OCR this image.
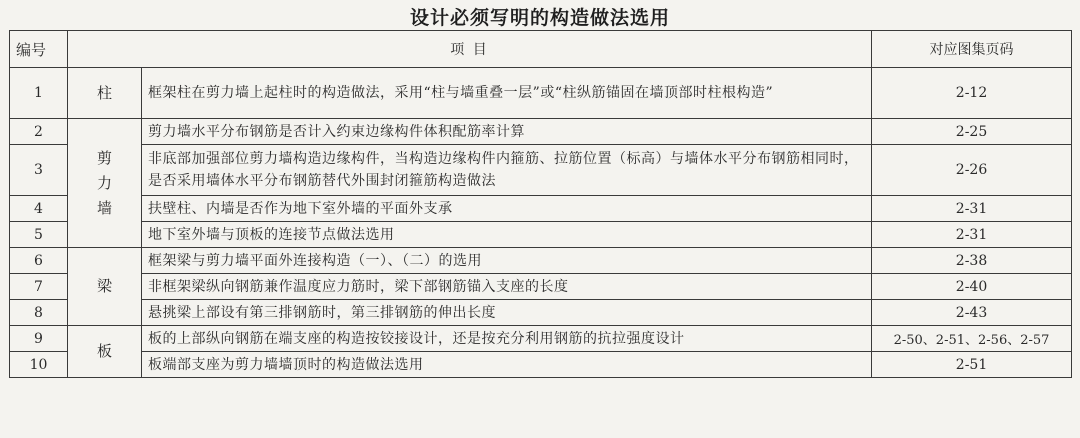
设计必须写明的构造做法选用
编号	项 目		对应图集页码
1	柱	框架柱在剪力墙上起柱时的构造做法，采用“柱与墙重叠一层”或“柱纵筋锚固在墙顶部时柱根构造”	2-12
2	剪力墙	剪力墙水平分布钢筋是否计入约束边缘构件体积配筋率计算	2-25
3		非底部加强部位剪力墙构造边缘构件，当构造边缘构件内箍筋、拉筋位置（标高）与墙体水平分布钢筋相同时，是否采用墙体水平分布钢筋替代外围封闭箍筋构造做法	2-26
4		扶壁柱、内墙是否作为地下室外墙的平面外支承	2-31
5		地下室外墙与顶板的连接节点做法选用	2-31
6	梁	框架梁与剪力墙平面外连接构造（一）、（二）的选用	2-38
7		非框架梁纵向钢筋兼作温度应力筋时，梁下部钢筋锚入支座的长度	2-40
8		悬挑梁上部设有第三排钢筋时，第三排钢筋的伸出长度	2-43
9	板	板的上部纵向钢筋在端支座的构造按铰接设计，还是按充分利用钢筋的抗拉强度设计	2-50、2-51、2-56、2-57
10		板端部支座为剪力墙墙顶时的构造做法选用	2-51
